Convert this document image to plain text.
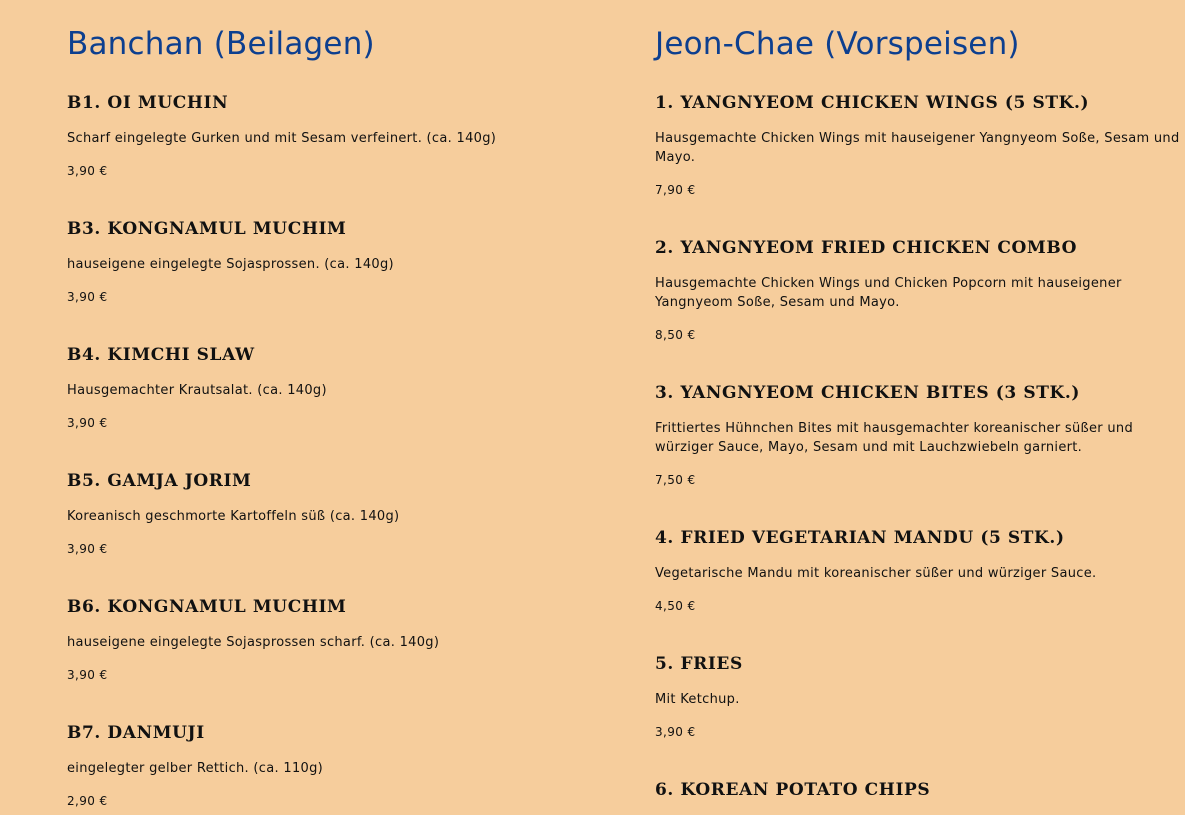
Banchan (Beilagen)
B1. OI MUCHIN
Scharf eingelegte Gurken und mit Sesam verfeinert. (ca. 140g)
3,90 €
B3. KONGNAMUL MUCHIM
hauseigene eingelegte Sojasprossen. (ca. 140g)
3,90 €
B4. KIMCHI SLAW
Hausgemachter Krautsalat. (ca. 140g)
3,90 €
B5. GAMJA JORIM
Koreanisch geschmorte Kartoffeln süß (ca. 140g)
3,90 €
B6. KONGNAMUL MUCHIM
hauseigene eingelegte Sojasprossen scharf. (ca. 140g)
3,90 €
B7. DANMUJI
eingelegter gelber Rettich. (ca. 110g)
2,90 €
Jeon-Chae (Vorspeisen)
1. YANGNYEOM CHICKEN WINGS (5 STK.)
Hausgemachte Chicken Wings mit hauseigener Yangnyeom Soße, Sesam und Mayo.
7,90 €
2. YANGNYEOM FRIED CHICKEN COMBO
Hausgemachte Chicken Wings und Chicken Popcorn mit hauseigener Yangnyeom Soße, Sesam und Mayo.
8,50 €
3. YANGNYEOM CHICKEN BITES (3 STK.)
Frittiertes Hühnchen Bites mit hausgemachter koreanischer süßer und würziger Sauce, Mayo, Sesam und mit Lauchzwiebeln garniert.
7,50 €
4. FRIED VEGETARIAN MANDU (5 STK.)
Vegetarische Mandu mit koreanischer süßer und würziger Sauce.
4,50 €
5. FRIES
Mit Ketchup.
3,90 €
6. KOREAN POTATO CHIPS
